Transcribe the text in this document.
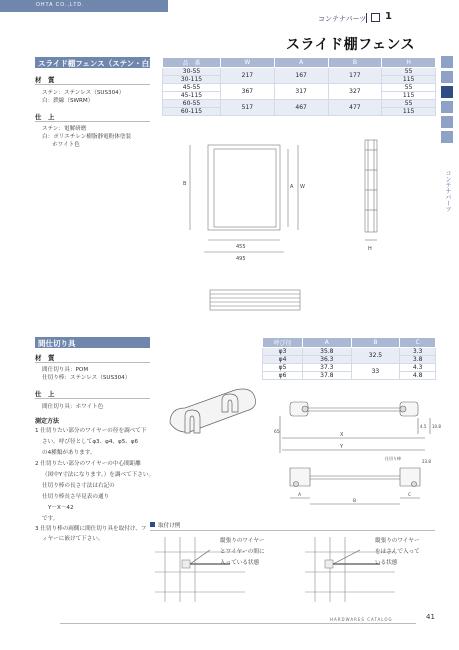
OHTA CO.,LTD.
コンテナパーツ 1
スライド棚フェンス
コンテナパーツ
スライド棚フェンス（ステン・白）
材　質
ステン：ステンレス（SUS304）
白：鉄線（SWRM）
仕　上
ステン：電解研磨
白：ポリエチレン樹脂静電粉体塗装
ホワイト色
品　番	W	A	B	H
30-55	217	167	177	55
30-115				115
45-55	367	317	327	55
45-115				115
60-55	517	467	477	55
60-115				115
B
455
495
A W
H
間仕切り具
材　質
間仕切り具：POM
仕切り棒：ステンレス（SUS304）
仕　上
間仕切り具：ホワイト色
測定方法
1 仕切りたい部分のワイヤーの径を調べて下
さい。呼び径としてφ3、φ4、φ5、φ6
の4種類があります。
2 仕切りたい部分のワイヤーの中心間距離
（図中Y寸法になります。）を調べて下さい。
仕切り棒の長さ寸法は右記の
仕切り棒長さ早見表の通り
Y－X－42
です。
3 仕切り棒の両側に間仕切り具を取付け、フ
ィヤーに嵌けて下さい。
呼び径	A	B	C
φ3	35.8	32.5	3.3
φ4	36.3		3.8
φ5	37.3	33	4.3
φ6	37.8		4.8
65	X
Y
4.5 10.8
23.8
仕切り棒
A
B
C
取付け例
縦張りのワイヤー
とワイヤーの間に
入っている状態
縦張りのワイヤー
をはさんで入って
いる状態
HARDWARES CATALOG	41
